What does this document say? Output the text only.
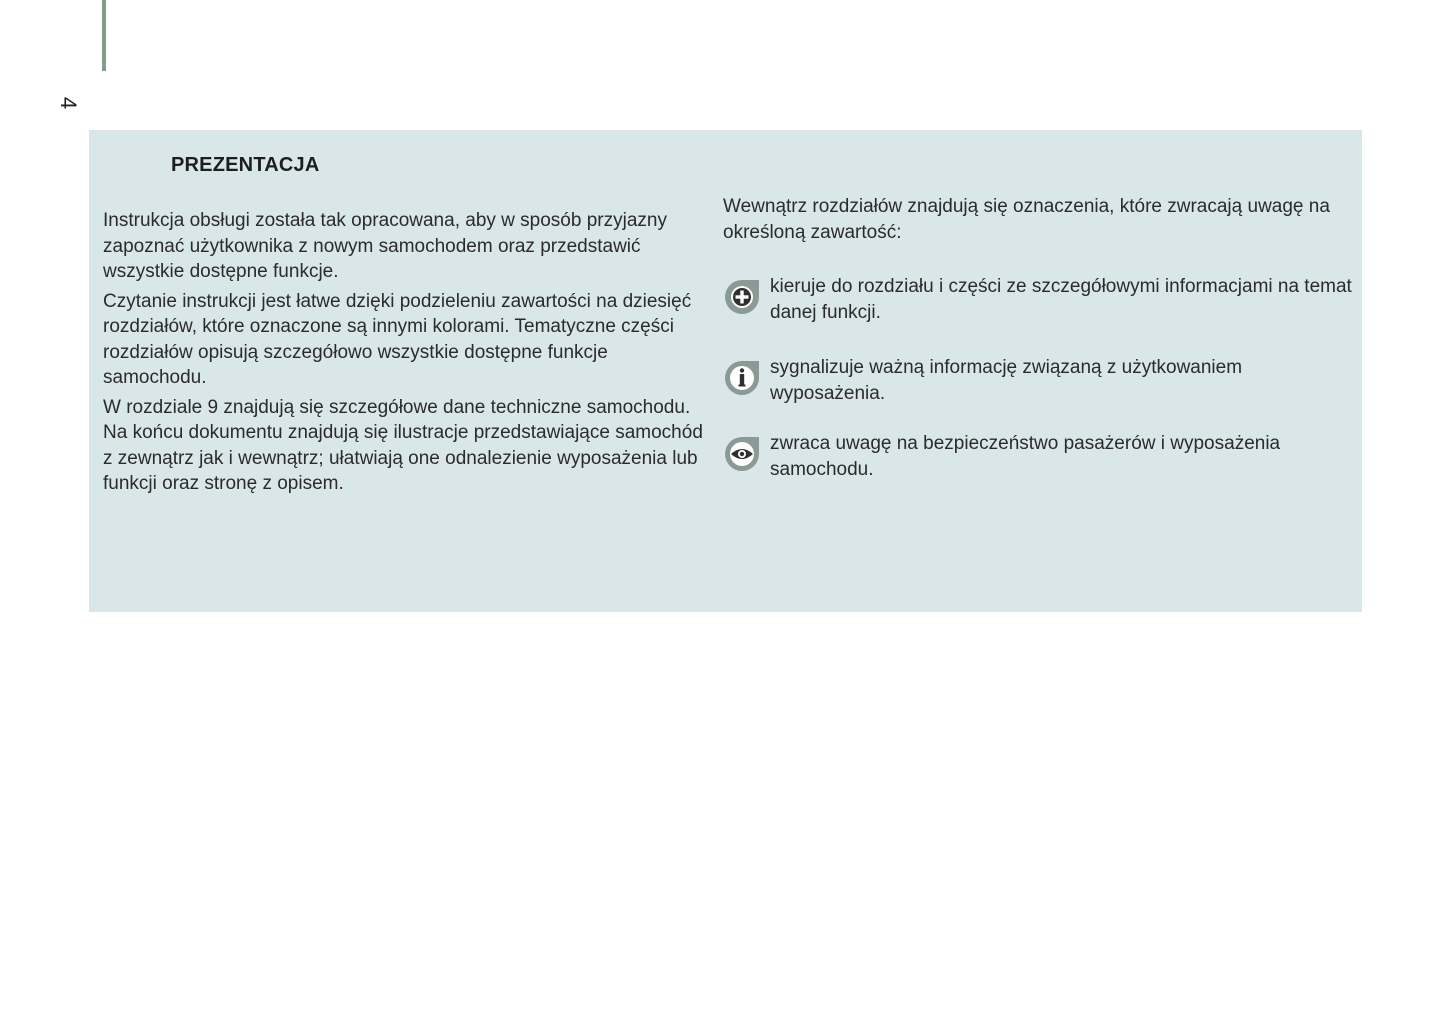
4
PREZENTACJA

Instrukcja obsługi została tak opracowana, aby w sposób przyjazny zapoznać użytkownika z nowym samochodem oraz przedstawić wszystkie dostępne funkcje.

Czytanie instrukcji jest łatwe dzięki podzieleniu zawartości na dziesięć rozdziałów, które oznaczone są innymi kolorami. Tematyczne części rozdziałów opisują szczegółowo wszystkie dostępne funkcje samochodu.

W rozdziale 9 znajdują się szczegółowe dane techniczne samochodu. Na końcu dokumentu znajdują się ilustracje przedstawiające samochód z zewnątrz jak i wewnątrz; ułatwiają one odnalezienie wyposażenia lub funkcji oraz stronę z opisem.

Wewnątrz rozdziałów znajdują się oznaczenia, które zwracają uwagę na określoną zawartość:

kieruje do rozdziału i części ze szczegółowymi informacjami na temat danej funkcji.

sygnalizuje ważną informację związaną z użytkowaniem wyposażenia.

zwraca uwagę na bezpieczeństwo pasażerów i wyposażenia samochodu.
